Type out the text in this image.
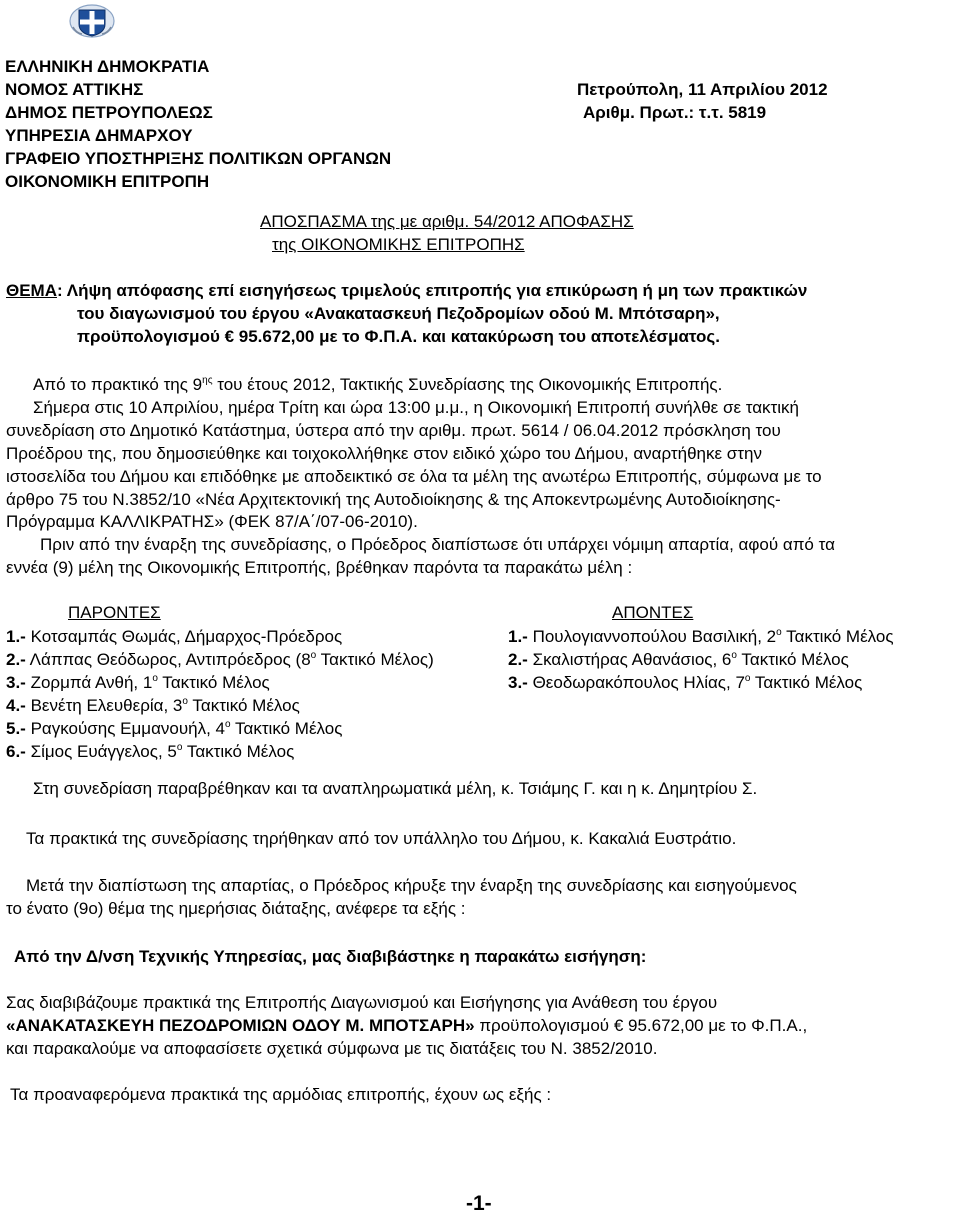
ΕΛΛΗΝΙΚΗ ΔΗΜΟΚΡΑΤΙΑ
ΝΟΜΟΣ ΑΤΤΙΚΗΣ
ΔΗΜΟΣ ΠΕΤΡΟΥΠΟΛΕΩΣ
ΥΠΗΡΕΣΙΑ ΔΗΜΑΡΧΟΥ
ΓΡΑΦΕΙΟ ΥΠΟΣΤΗΡΙΞΗΣ ΠΟΛΙΤΙΚΩΝ ΟΡΓΑΝΩΝ
ΟΙΚΟΝΟΜΙΚΗ ΕΠΙΤΡΟΠΗ
Πετρούπολη, 11 Απριλίου 2012
Αριθμ. Πρωτ.: τ.τ. 5819
ΑΠΟΣΠΑΣΜΑ της με αριθμ. 54/2012 ΑΠΟΦΑΣΗΣ
της ΟΙΚΟΝΟΜΙΚΗΣ ΕΠΙΤΡΟΠΗΣ
ΘΕΜΑ: Λήψη απόφασης επί εισηγήσεως τριμελούς επιτροπής για επικύρωση ή μη των πρακτικών
του διαγωνισμού του έργου «Ανακατασκευή Πεζοδρομίων οδού Μ. Μπότσαρη»,
προϋπολογισμού € 95.672,00 με το Φ.Π.Α. και κατακύρωση του αποτελέσματος.
Από το πρακτικό της $9^{\eta\varsigma}$ του έτους 2012, Τακτικής Συνεδρίασης της Οικονομικής Επιτροπής.
Σήμερα στις 10 Απριλίου, ημέρα Τρίτη και ώρα 13:00 μ.μ., η Οικονομική Επιτροπή συνήλθε σε τακτική
συνεδρίαση στο Δημοτικό Κατάστημα, ύστερα από την αριθμ. πρωτ. 5614 / 06.04.2012 πρόσκληση του
Προέδρου της, που δημοσιεύθηκε και τοιχοκολλήθηκε στον ειδικό χώρο του Δήμου, αναρτήθηκε στην
ιστοσελίδα του Δήμου και επιδόθηκε με αποδεικτικό σε όλα τα μέλη της ανωτέρω Επιτροπής, σύμφωνα με το
άρθρο 75 του Ν.3852/10 «Νέα Αρχιτεκτονική της Αυτοδιοίκησης & της Αποκεντρωμένης Αυτοδιοίκησης-
Πρόγραμμα ΚΑΛΛΙΚΡΑΤΗΣ» (ΦΕΚ 87/Α΄/07-06-2010).
Πριν από την έναρξη της συνεδρίασης, ο Πρόεδρος διαπίστωσε ότι υπάρχει νόμιμη απαρτία, αφού από τα
εννέα (9) μέλη της Οικονομικής Επιτροπής, βρέθηκαν παρόντα τα παρακάτω μέλη :
ΠΑΡΟΝΤΕΣ	ΑΠΟΝΤΕΣ
1.- Κοτσαμπάς Θωμάς, Δήμαρχος-Πρόεδρος
2.- Λάππας Θεόδωρος, Αντιπρόεδρος ($8^o$ Τακτικό Μέλος)
3.- Ζορμπά Ανθή, $1^o$ Τακτικό Μέλος
4.- Βενέτη Ελευθερία, $3^o$ Τακτικό Μέλος
5.- Ραγκούσης Εμμανουήλ, $4^o$ Τακτικό Μέλος
6.- Σίμος Ευάγγελος, $5^o$ Τακτικό Μέλος
1.- Πουλογιαννοπούλου Βασιλική, $2^o$ Τακτικό Μέλος
2.- Σκαλιστήρας Αθανάσιος, $6^o$ Τακτικό Μέλος
3.- Θεοδωρακόπουλος Ηλίας, $7^o$ Τακτικό Μέλος
Στη συνεδρίαση παραβρέθηκαν και τα αναπληρωματικά μέλη, κ. Τσιάμης Γ. και η κ. Δημητρίου Σ.
Τα πρακτικά της συνεδρίασης τηρήθηκαν από τον υπάλληλο του Δήμου, κ. Κακαλιά Ευστράτιο.
Μετά την διαπίστωση της απαρτίας, ο Πρόεδρος κήρυξε την έναρξη της συνεδρίασης και εισηγούμενος
το ένατο (9ο) θέμα της ημερήσιας διάταξης, ανέφερε τα εξής :
Από την Δ/νση Τεχνικής Υπηρεσίας, μας διαβιβάστηκε η παρακάτω εισήγηση:
Σας διαβιβάζουμε πρακτικά της Επιτροπής Διαγωνισμού και Εισήγησης για Ανάθεση του έργου
«ΑΝΑΚΑΤΑΣΚΕΥΗ ΠΕΖΟΔΡΟΜΙΩΝ ΟΔΟΥ Μ. ΜΠΟΤΣΑΡΗ» προϋπολογισμού € 95.672,00 με το Φ.Π.Α.,
και παρακαλούμε να αποφασίσετε σχετικά σύμφωνα με τις διατάξεις του Ν. 3852/2010.
Τα προαναφερόμενα πρακτικά της αρμόδιας επιτροπής, έχουν ως εξής :
-1-
